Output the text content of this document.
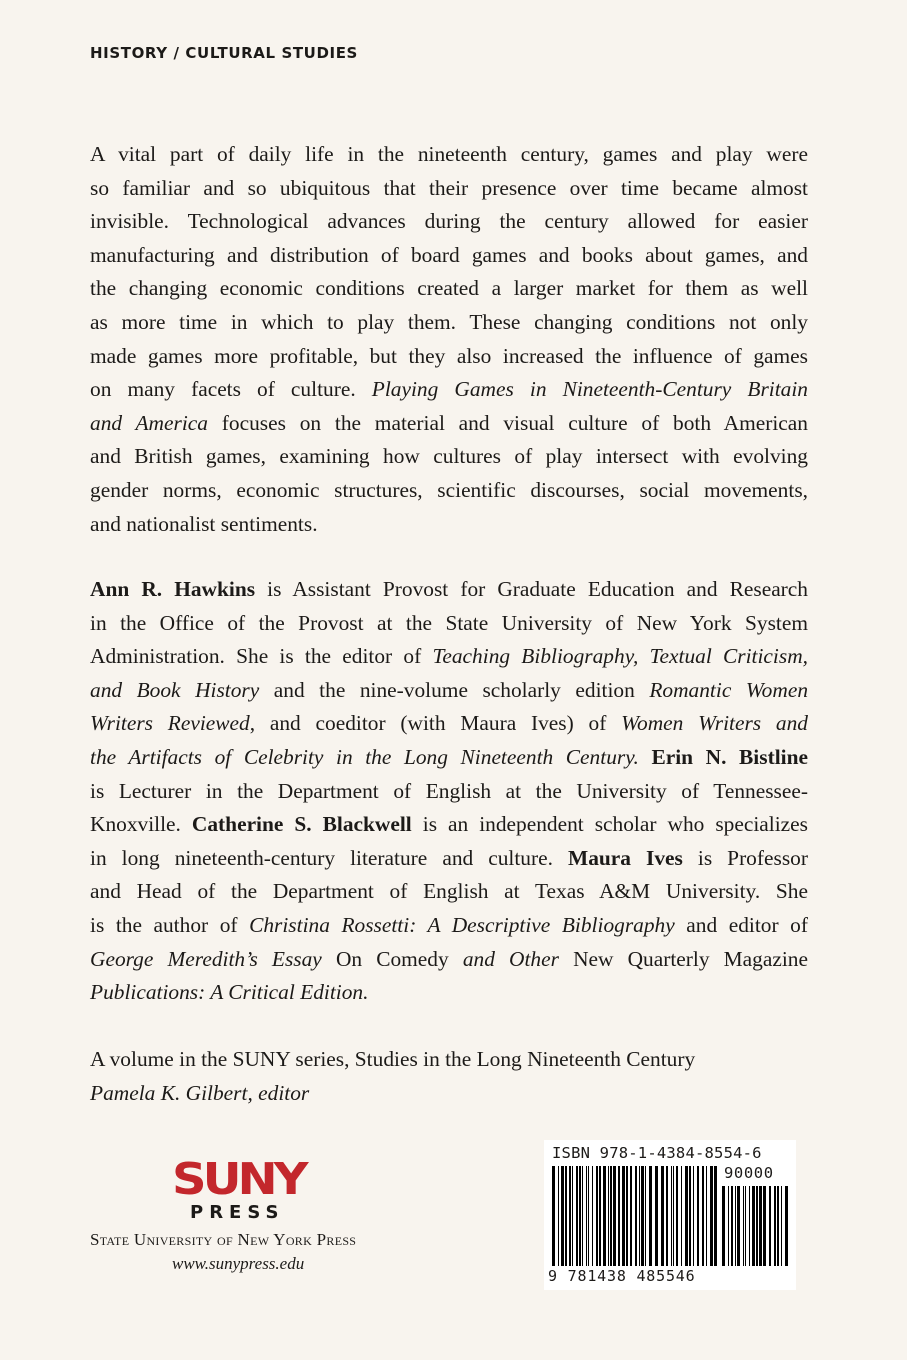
HISTORY / CULTURAL STUDIES
A vital part of daily life in the nineteenth century, games and play were
so familiar and so ubiquitous that their presence over time became almost
invisible. Technological advances during the century allowed for easier
manufacturing and distribution of board games and books about games, and
the changing economic conditions created a larger market for them as well
as more time in which to play them. These changing conditions not only
made games more profitable, but they also increased the influence of games
on many facets of culture. Playing Games in Nineteenth-Century Britain
and America focuses on the material and visual culture of both American
and British games, examining how cultures of play intersect with evolving
gender norms, economic structures, scientific discourses, social movements,
and nationalist sentiments.
Ann R. Hawkins is Assistant Provost for Graduate Education and Research
in the Office of the Provost at the State University of New York System
Administration. She is the editor of Teaching Bibliography, Textual Criticism,
and Book History and the nine-volume scholarly edition Romantic Women
Writers Reviewed, and coeditor (with Maura Ives) of Women Writers and
the Artifacts of Celebrity in the Long Nineteenth Century. Erin N. Bistline
is Lecturer in the Department of English at the University of Tennessee-
Knoxville. Catherine S. Blackwell is an independent scholar who specializes
in long nineteenth-century literature and culture. Maura Ives is Professor
and Head of the Department of English at Texas A&M University. She
is the author of Christina Rossetti: A Descriptive Bibliography and editor of
George Meredith’s Essay On Comedy and Other New Quarterly Magazine
Publications: A Critical Edition.
A volume in the SUNY series, Studies in the Long Nineteenth Century
Pamela K. Gilbert, editor
SUNY
PRESS
State University of New York Press
www.sunypress.edu
ISBN 978-1-4384-8554-6
90000
9 781438 485546
